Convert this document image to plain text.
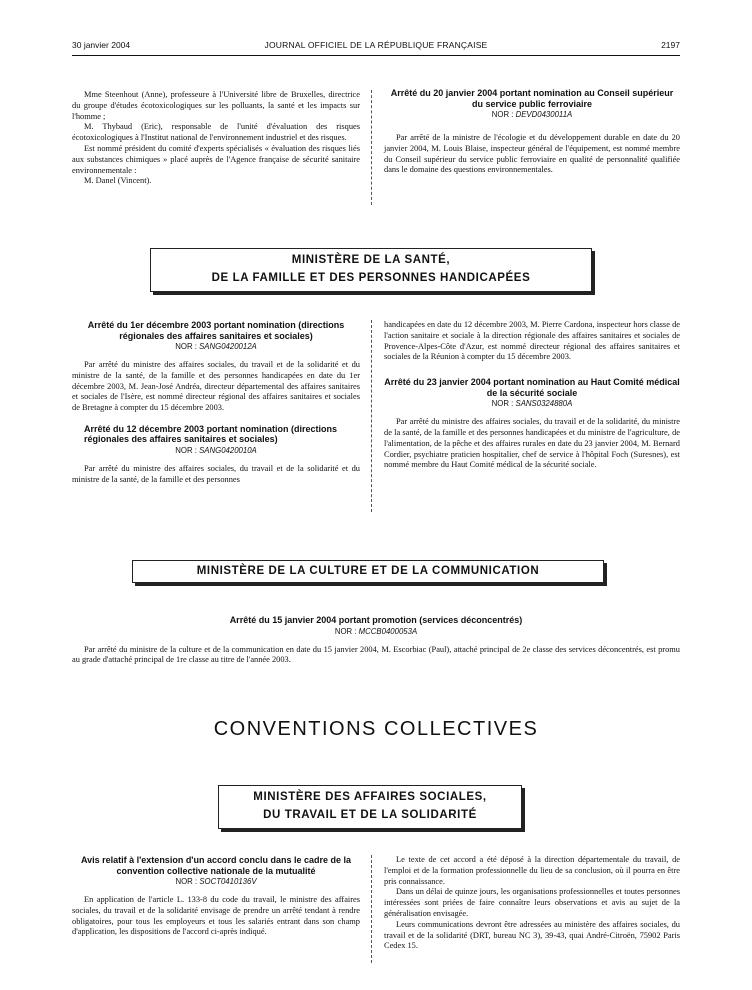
30 janvier 2004	JOURNAL OFFICIEL DE LA RÉPUBLIQUE FRANÇAISE	2197

Mme Steenhout (Anne), professeure à l'Université libre de Bruxelles, directrice du groupe d'études écotoxicologiques sur les polluants, la santé et les impacts sur l'homme ;

M. Thybaud (Eric), responsable de l'unité d'évaluation des risques écotoxicologiques à l'Institut national de l'environnement industriel et des risques.

Est nommé président du comité d'experts spécialisés « évaluation des risques liés aux substances chimiques » placé auprès de l'Agence française de sécurité sanitaire environnementale :

M. Danel (Vincent).

Arrêté du 20 janvier 2004 portant nomination au Conseil supérieur du service public ferroviaire
NOR : DEVD0430011A

Par arrêté de la ministre de l'écologie et du développement durable en date du 20 janvier 2004, M. Louis Blaise, inspecteur général de l'équipement, est nommé membre du Conseil supérieur du service public ferroviaire en qualité de personnalité qualifiée dans le domaine des questions environnementales.

MINISTÈRE DE LA SANTÉ,
DE LA FAMILLE ET DES PERSONNES HANDICAPÉES
Arrêté du 1er décembre 2003 portant nomination (directions régionales des affaires sanitaires et sociales)
NOR : SANG0420012A

Par arrêté du ministre des affaires sociales, du travail et de la solidarité et du ministre de la santé, de la famille et des personnes handicapées en date du 1er décembre 2003, M. Jean-José Andréa, directeur départemental des affaires sanitaires et sociales de l'Isère, est nommé directeur régional des affaires sanitaires et sociales de Bretagne à compter du 15 décembre 2003.

Arrêté du 12 décembre 2003 portant nomination (directions régionales des affaires sanitaires et sociales)
NOR : SANG0420010A

Par arrêté du ministre des affaires sociales, du travail et de la solidarité et du ministre de la santé, de la famille et des personnes

handicapées en date du 12 décembre 2003, M. Pierre Cardona, inspecteur hors classe de l'action sanitaire et sociale à la direction régionale des affaires sanitaires et sociales de Provence-Alpes-Côte d'Azur, est nommé directeur régional des affaires sanitaires et sociales de la Réunion à compter du 15 décembre 2003.

Arrêté du 23 janvier 2004 portant nomination au Haut Comité médical de la sécurité sociale
NOR : SANS0324880A

Par arrêté du ministre des affaires sociales, du travail et de la solidarité, du ministre de la santé, de la famille et des personnes handicapées et du ministre de l'agriculture, de l'alimentation, de la pêche et des affaires rurales en date du 23 janvier 2004, M. Bernard Cordier, psychiatre praticien hospitalier, chef de service à l'hôpital Foch (Suresnes), est nommé membre du Haut Comité médical de la sécurité sociale.

MINISTÈRE DE LA CULTURE ET DE LA COMMUNICATION
Arrêté du 15 janvier 2004 portant promotion (services déconcentrés)
NOR : MCCB0400053A

Par arrêté du ministre de la culture et de la communication en date du 15 janvier 2004, M. Escorbiac (Paul), attaché principal de 2e classe des services déconcentrés, est promu au grade d'attaché principal de 1re classe au titre de l'année 2003.

CONVENTIONS COLLECTIVES
MINISTÈRE DES AFFAIRES SOCIALES,
DU TRAVAIL ET DE LA SOLIDARITÉ
Avis relatif à l'extension d'un accord conclu dans le cadre de la convention collective nationale de la mutualité
NOR : SOCT0410136V

En application de l'article L. 133-8 du code du travail, le ministre des affaires sociales, du travail et de la solidarité envisage de prendre un arrêté tendant à rendre obligatoires, pour tous les employeurs et tous les salariés entrant dans son champ d'application, les dispositions de l'accord ci-après indiqué.

Le texte de cet accord a été déposé à la direction départementale du travail, de l'emploi et de la formation professionnelle du lieu de sa conclusion, où il pourra en être pris connaissance.

Dans un délai de quinze jours, les organisations professionnelles et toutes personnes intéressées sont priées de faire connaître leurs observations et avis au sujet de la généralisation envisagée.

Leurs communications devront être adressées au ministère des affaires sociales, du travail et de la solidarité (DRT, bureau NC 3), 39-43, quai André-Citroën, 75902 Paris Cedex 15.
